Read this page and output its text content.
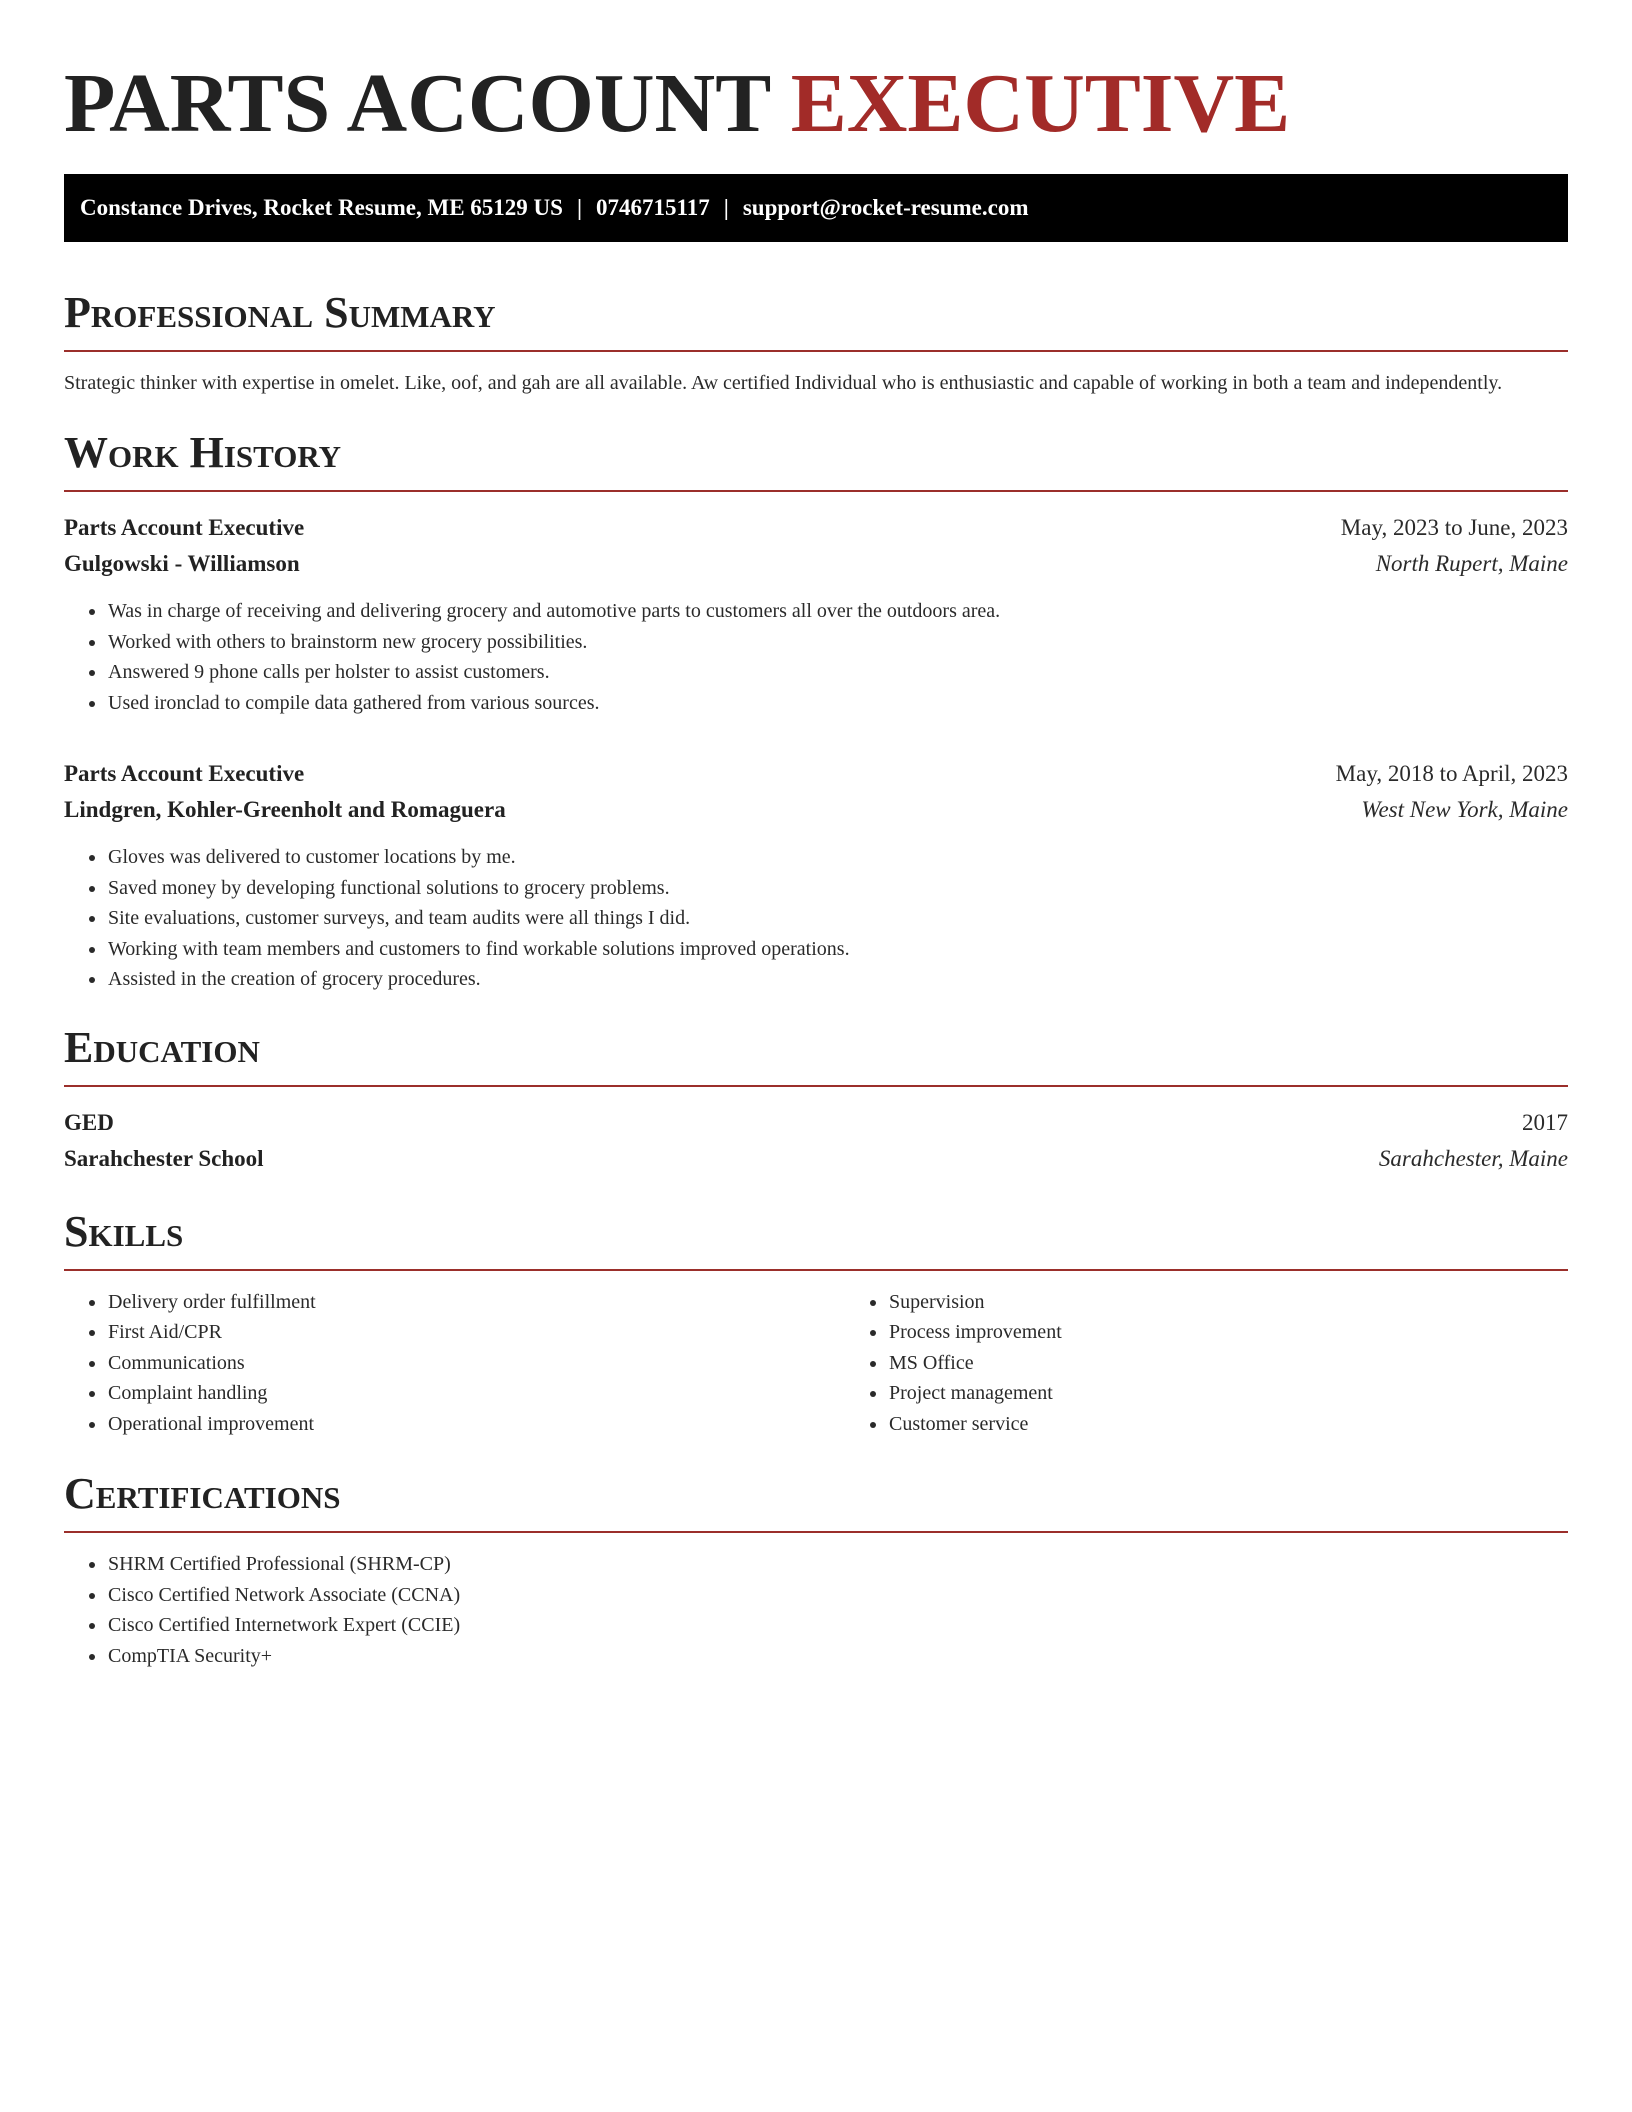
PARTS ACCOUNT EXECUTIVE
Constance Drives, Rocket Resume, ME 65129 US | 0746715117 | support@rocket-resume.com
Professional Summary
Strategic thinker with expertise in omelet. Like, oof, and gah are all available. Aw certified Individual who is enthusiastic and capable of working in both a team and independently.
Work History
Parts Account Executive	May, 2023 to June, 2023
Gulgowski - Williamson	North Rupert, Maine
• Was in charge of receiving and delivering grocery and automotive parts to customers all over the outdoors area.
• Worked with others to brainstorm new grocery possibilities.
• Answered 9 phone calls per holster to assist customers.
• Used ironclad to compile data gathered from various sources.
Parts Account Executive	May, 2018 to April, 2023
Lindgren, Kohler-Greenholt and Romaguera	West New York, Maine
• Gloves was delivered to customer locations by me.
• Saved money by developing functional solutions to grocery problems.
• Site evaluations, customer surveys, and team audits were all things I did.
• Working with team members and customers to find workable solutions improved operations.
• Assisted in the creation of grocery procedures.
Education
GED	2017
Sarahchester School	Sarahchester, Maine
Skills
• Delivery order fulfillment
• First Aid/CPR
• Communications
• Complaint handling
• Operational improvement
• Supervision
• Process improvement
• MS Office
• Project management
• Customer service
Certifications
• SHRM Certified Professional (SHRM-CP)
• Cisco Certified Network Associate (CCNA)
• Cisco Certified Internetwork Expert (CCIE)
• CompTIA Security+
